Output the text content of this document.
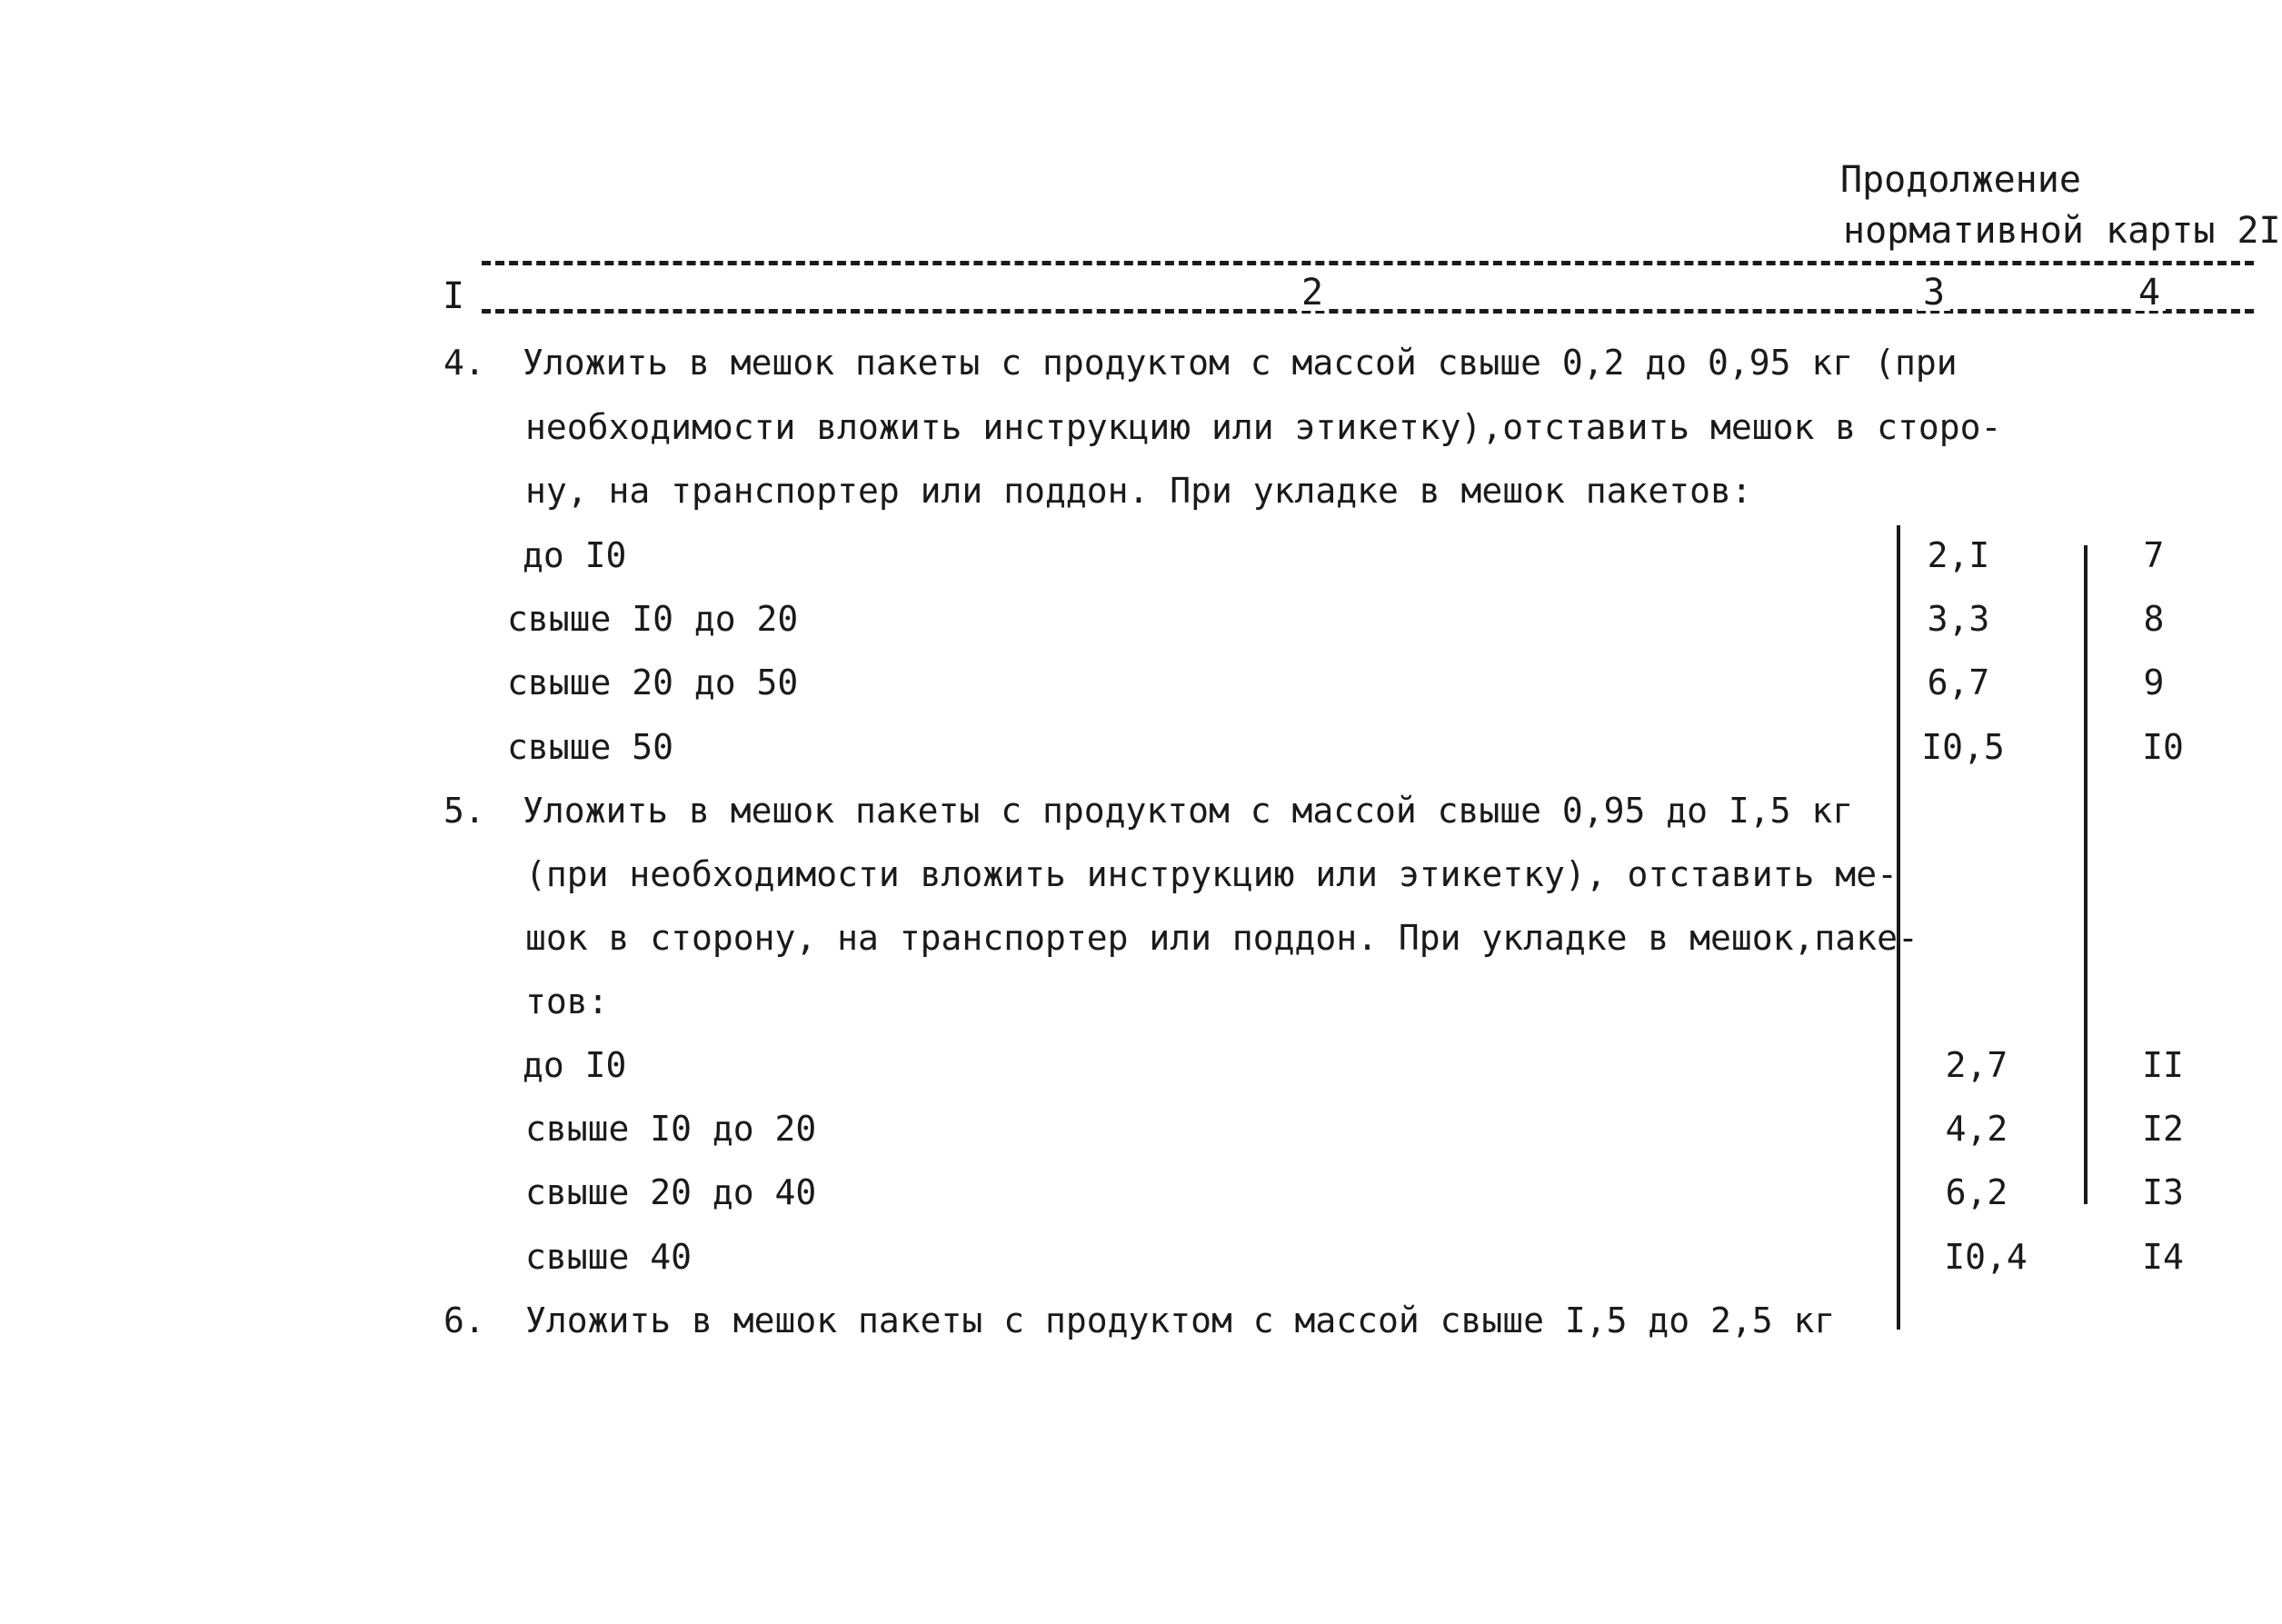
Продолжение
нормативной карты 2I
I	2	3	4
4. Уложить в мешок пакеты с продуктом с массой свыше 0,2 до 0,95 кг (при
необходимости вложить инструкцию или этикетку),отставить мешок в сторо-
ну, на транспортер или поддон. При укладке в мешок пакетов:
до I0	2,I	7
свыше I0 до 20	3,3	8
свыше 20 до 50	6,7	9
свыше 50	I0,5	I0
5. Уложить в мешок пакеты с продуктом с массой свыше 0,95 до I,5 кг
(при необходимости вложить инструкцию или этикетку), отставить ме-
шок в сторону, на транспортер или поддон. При укладке в мешок,паке-
тов:
до I0	2,7	II
свыше I0 до 20	4,2	I2
свыше 20 до 40	6,2	I3
свыше 40	I0,4	I4
6. Уложить в мешок пакеты с продуктом с массой свыше I,5 до 2,5 кг
